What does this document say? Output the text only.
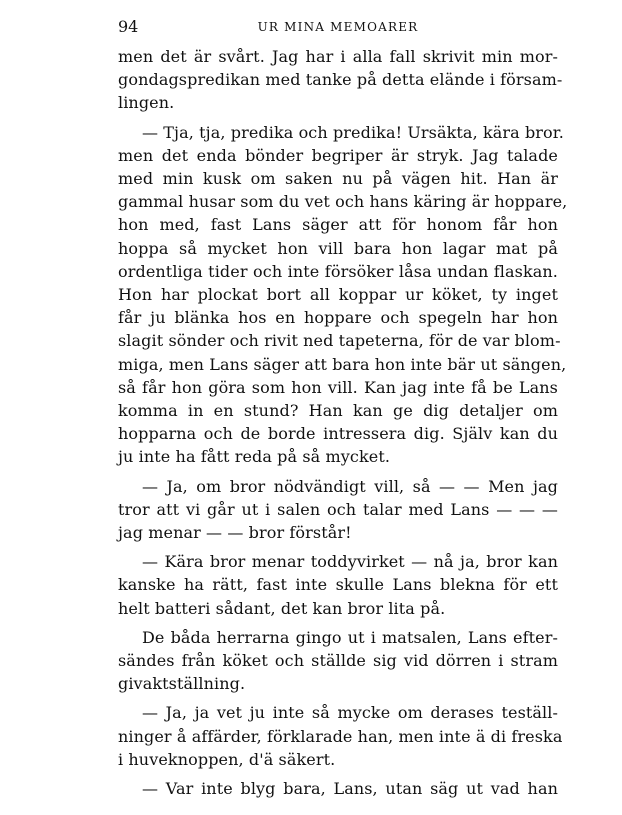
94	UR MINA MEMOARER

men det är svårt. Jag har i alla fall skrivit min mor-
gondagspredikan med tanke på detta elände i försam-
lingen.

— Tja, tja, predika och predika! Ursäkta, kära bror.
men det enda bönder begriper är stryk. Jag talade
med min kusk om saken nu på vägen hit. Han är
gammal husar som du vet och hans käring är hoppare,
hon med, fast Lans säger att för honom får hon
hoppa så mycket hon vill bara hon lagar mat på
ordentliga tider och inte försöker låsa undan flaskan.
Hon har plockat bort all koppar ur köket, ty inget
får ju blänka hos en hoppare och spegeln har hon
slagit sönder och rivit ned tapeterna, för de var blom-
miga, men Lans säger att bara hon inte bär ut sängen,
så får hon göra som hon vill. Kan jag inte få be Lans
komma in en stund? Han kan ge dig detaljer om
hopparna och de borde intressera dig. Själv kan du
ju inte ha fått reda på så mycket.

— Ja, om bror nödvändigt vill, så — — Men jag
tror att vi går ut i salen och talar med Lans — — —
jag menar — — bror förstår!

— Kära bror menar toddyvirket — nå ja, bror kan
kanske ha rätt, fast inte skulle Lans blekna för ett
helt batteri sådant, det kan bror lita på.

De båda herrarna gingo ut i matsalen, Lans efter-
sändes från köket och ställde sig vid dörren i stram
givaktställning.

— Ja, ja vet ju inte så mycke om derases teställ-
ninger å affärder, förklarade han, men inte ä di freska
i huveknoppen, d'ä säkert.

— Var inte blyg bara, Lans, utan säg ut vad han
